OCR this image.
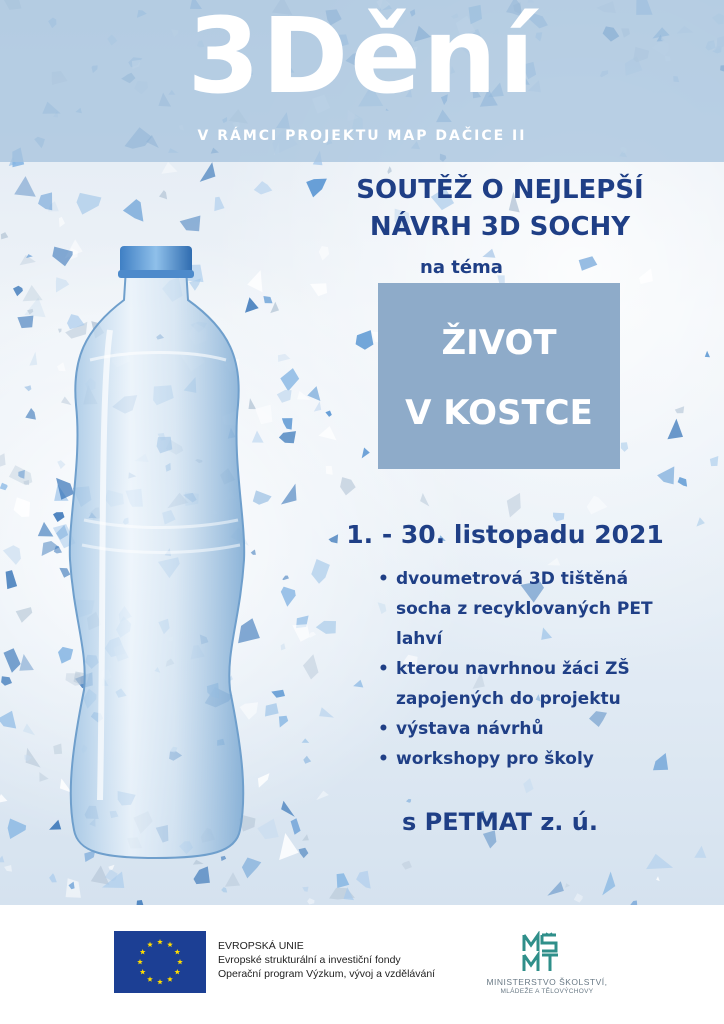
3Dění
V RÁMCI PROJEKTU MAP DAČICE II
SOUTĚŽ O NEJLEPŠÍ
NÁVRH 3D SOCHY
na téma
ŽIVOT
V KOSTCE
1. - 30. listopadu 2021
• dvoumetrová 3D tištěná
socha z recyklovaných PET
lahví
• kterou navrhnou žáci ZŠ
zapojených do projektu
• výstava návrhů
• workshopy pro školy
s PETMAT z. ú.
EVROPSKÁ UNIE
Evropské strukturální a investiční fondy
Operační program Výzkum, vývoj a vzdělávání
MINISTERSTVO ŠKOLSTVÍ,
MLÁDEŽE A TĚLOVÝCHOVY
